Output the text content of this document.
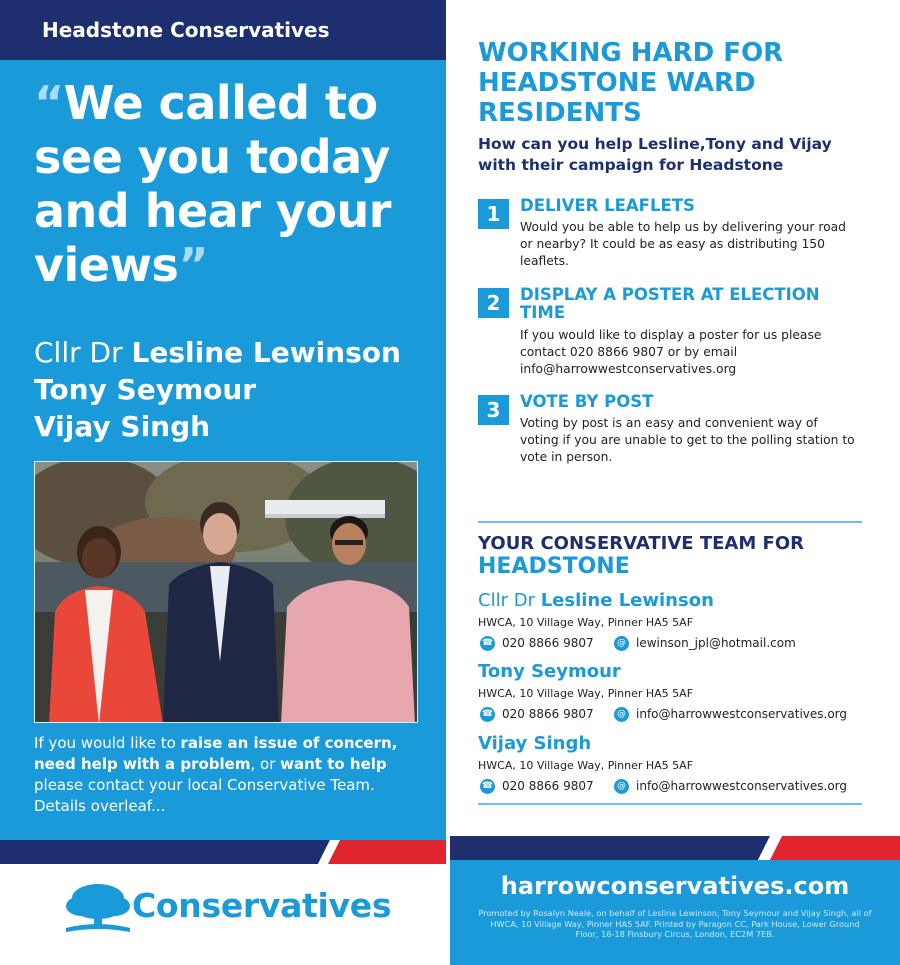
Headstone Conservatives
“We called to see you today and hear your views”
Cllr Dr Lesline Lewinson
Tony Seymour
Vijay Singh
If you would like to raise an issue of concern, need help with a problem, or want to help please contact your local Conservative Team. Details overleaf...
Conservatives
WORKING HARD FOR HEADSTONE WARD RESIDENTS
How can you help Lesline,Tony and Vijay with their campaign for Headstone
1	DELIVER LEAFLETS
Would you be able to help us by delivering your road or nearby? It could be as easy as distributing 150 leaflets.
2	DISPLAY A POSTER AT ELECTION TIME
If you would like to display a poster for us please contact 020 8866 9807 or by email info@harrowwestconservatives.org
3	VOTE BY POST
Voting by post is an easy and convenient way of voting if you are unable to get to the polling station to vote in person.
YOUR CONSERVATIVE TEAM FOR
HEADSTONE
Cllr Dr Lesline Lewinson
HWCA, 10 Village Way, Pinner HA5 5AF
☎ 020 8866 9807	@ lewinson_jpl@hotmail.com
Tony Seymour
HWCA, 10 Village Way, Pinner HA5 5AF
☎ 020 8866 9807	@ info@harrowwestconservatives.org
Vijay Singh
HWCA, 10 Village Way, Pinner HA5 5AF
☎ 020 8866 9807	@ info@harrowwestconservatives.org
harrowconservatives.com
Promoted by Rosalyn Neale, on behalf of Lesline Lewinson, Tony Seymour and Vijay Singh, all of HWCA, 10 Village Way, Pinner HA5 5AF. Printed by Paragon CC, Park House, Lower Ground Floor, 16-18 Finsbury Circus, London, EC2M 7EB.
